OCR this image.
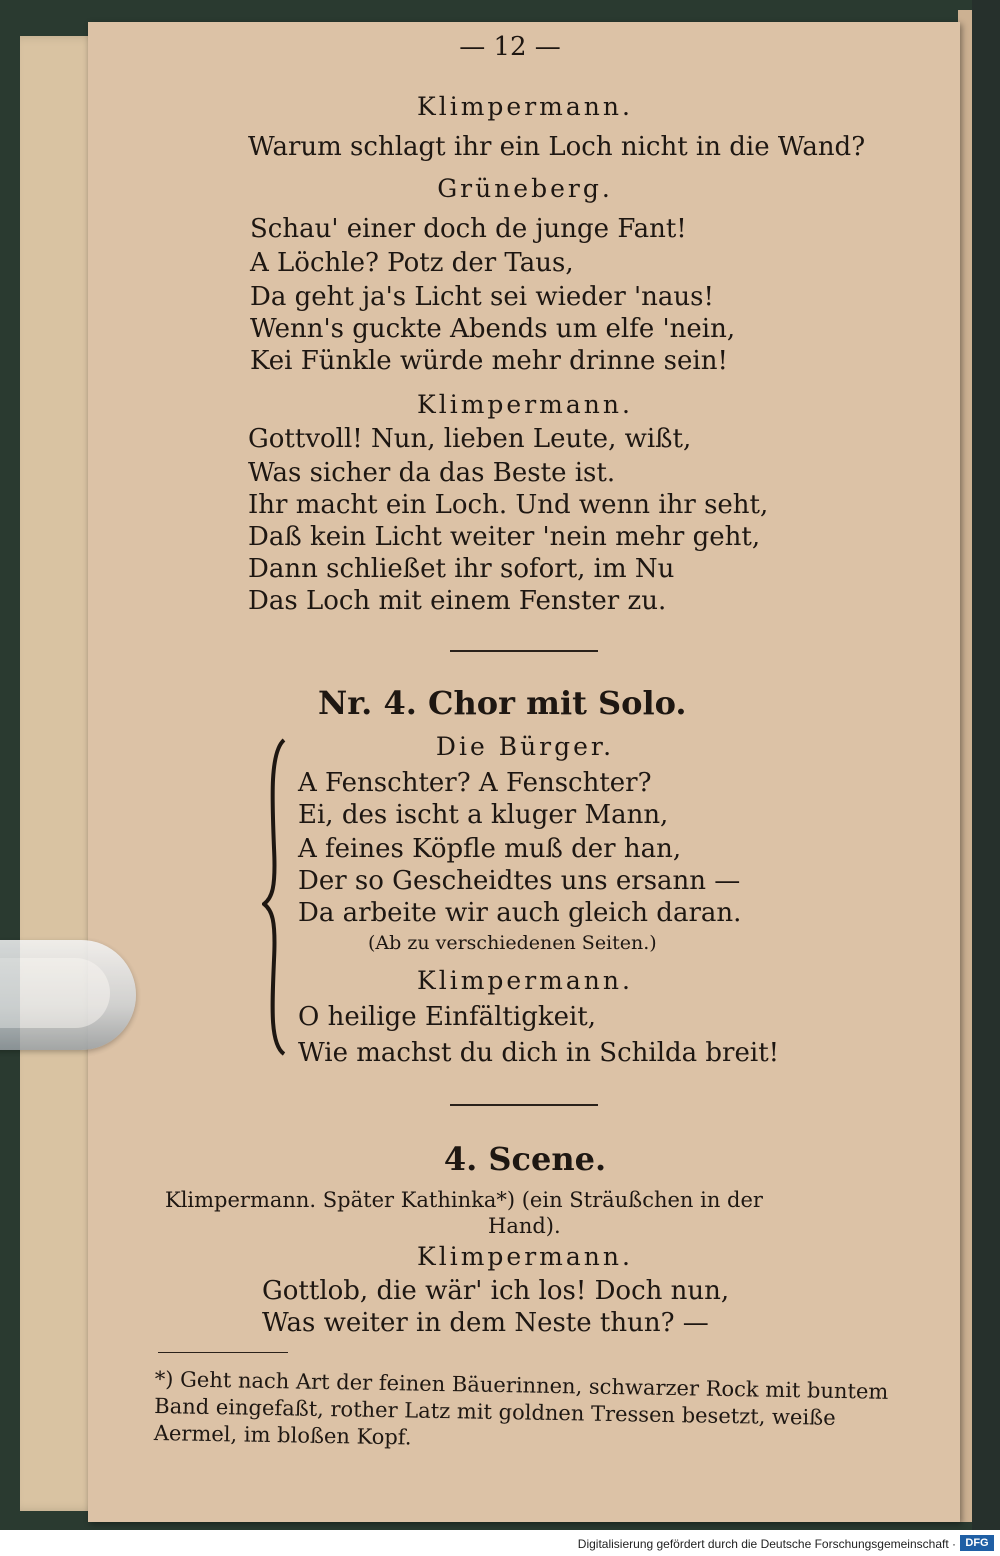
— 12 —
Klimpermann.
Warum schlagt ihr ein Loch nicht in die Wand?
Grüneberg.
Schau' einer doch de junge Fant!
A Löchle? Potz der Taus,
Da geht ja's Licht sei wieder 'naus!
Wenn's guckte Abends um elfe 'nein,
Kei Fünkle würde mehr drinne sein!
Klimpermann.
Gottvoll! Nun, lieben Leute, wißt,
Was sicher da das Beste ist.
Ihr macht ein Loch. Und wenn ihr seht,
Daß kein Licht weiter 'nein mehr geht,
Dann schließet ihr sofort, im Nu
Das Loch mit einem Fenster zu.
Nr. 4. Chor mit Solo.
Die Bürger.
A Fenschter? A Fenschter?
Ei, des ischt a kluger Mann,
A feines Köpfle muß der han,
Der so Gescheidtes uns ersann —
Da arbeite wir auch gleich daran.
(Ab zu verschiedenen Seiten.)
Klimpermann.
O heilige Einfältigkeit,
Wie machst du dich in Schilda breit!
4. Scene.
Klimpermann. Später Kathinka*) (ein Sträußchen in der
Hand).
Klimpermann.
Gottlob, die wär' ich los! Doch nun,
Was weiter in dem Neste thun? —
*) Geht nach Art der feinen Bäuerinnen, schwarzer Rock mit buntem Band eingefaßt, rother Latz mit goldnen Tressen besetzt, weiße Aermel, im bloßen Kopf.
Digitalisierung gefördert durch die Deutsche Forschungsgemeinschaft · DFG
